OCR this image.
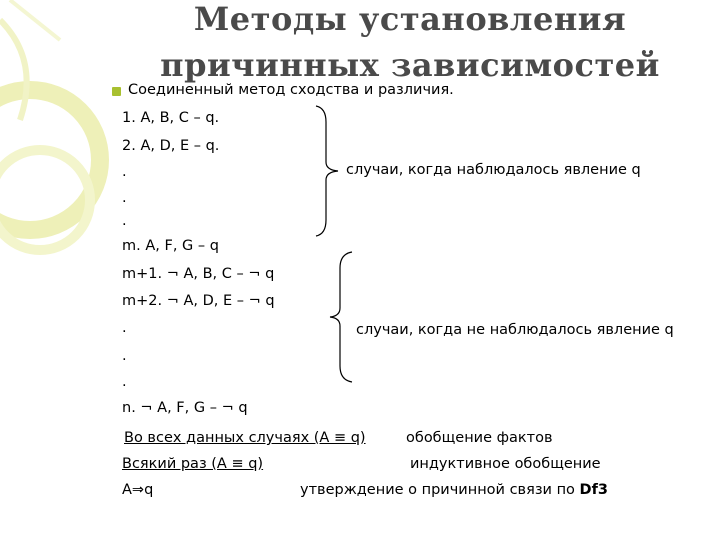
Методы установления
причинных зависимостей
Соединенный метод сходства и различия.
1. A, B, C – q.
2. A, D, E – q.
.
.
.
m. A, F, G – q
случаи, когда наблюдалось явление q
m+1. ¬ A, B, C – ¬ q
m+2. ¬ A, D, E – ¬ q
.
.
.
n. ¬ A, F, G – ¬ q
случаи, когда не наблюдалось явление q
Во всех данных случаях (A ≡ q)	обобщение фактов
Всякий раз (A ≡ q)	индуктивное обобщение
A⇒q	утверждение о причинной связи по Df3
